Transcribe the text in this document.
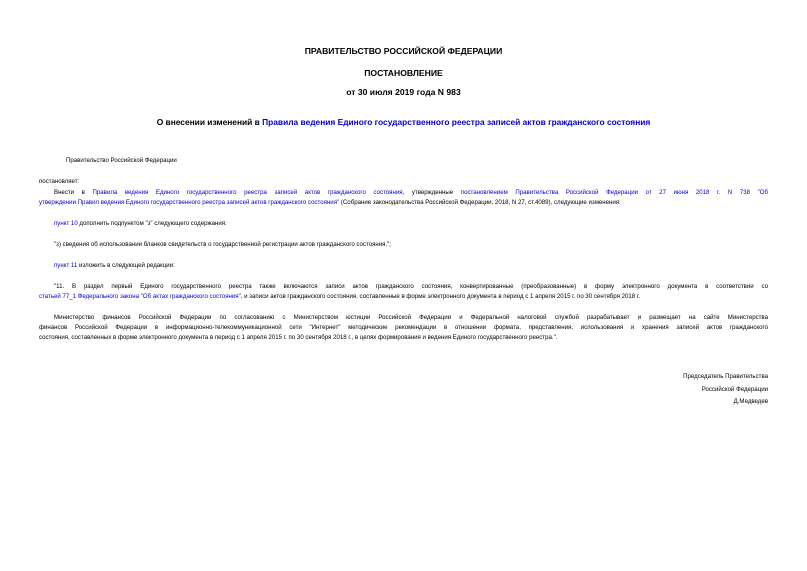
ПРАВИТЕЛЬСТВО РОССИЙСКОЙ ФЕДЕРАЦИИ
ПОСТАНОВЛЕНИЕ
от 30 июля 2019 года N 983
О внесении изменений в Правила ведения Единого государственного реестра записей актов гражданского состояния
Правительство Российской Федерации
постановляет:
Внести в Правила ведения Единого государственного реестра записей актов гражданского состояния, утвержденные постановлением Правительства Российской Федерации от 27 июня 2018 г. N 738 "Об
утверждении Правил ведения Единого государственного реестра записей актов гражданского состояния" (Собрание законодательства Российской Федерации, 2018, N 27, ст.4089), следующие изменения:
пункт 10 дополнить подпунктом "з" следующего содержания:
"з) сведения об использовании бланков свидетельств о государственной регистрации актов гражданского состояния.";
пункт 11 изложить в следующей редакции:
"11. В раздел первый Единого государственного реестра также включаются записи актов гражданского состояния, конвертированные (преобразованные) в форму электронного документа в соответствии со
статьей 77_1 Федерального закона "Об актах гражданского состояния", и записи актов гражданского состояния, составленные в форме электронного документа в период с 1 апреля 2015 г. по 30 сентября 2018 г.
Министерство финансов Российской Федерации по согласованию с Министерством юстиции Российской Федерации и Федеральной налоговой службой разрабатывает и размещает на сайте Министерства
финансов Российской Федерации в информационно-телекоммуникационной сети "Интернет" методические рекомендации в отношении формата, представления, использования и хранения записей актов гражданского
состояния, составленных в форме электронного документа в период с 1 апреля 2015 г. по 30 сентября 2018 г., в целях формирования и ведения Единого государственного реестра.".
Председатель Правительства
Российской Федерации
Д.Медведев
